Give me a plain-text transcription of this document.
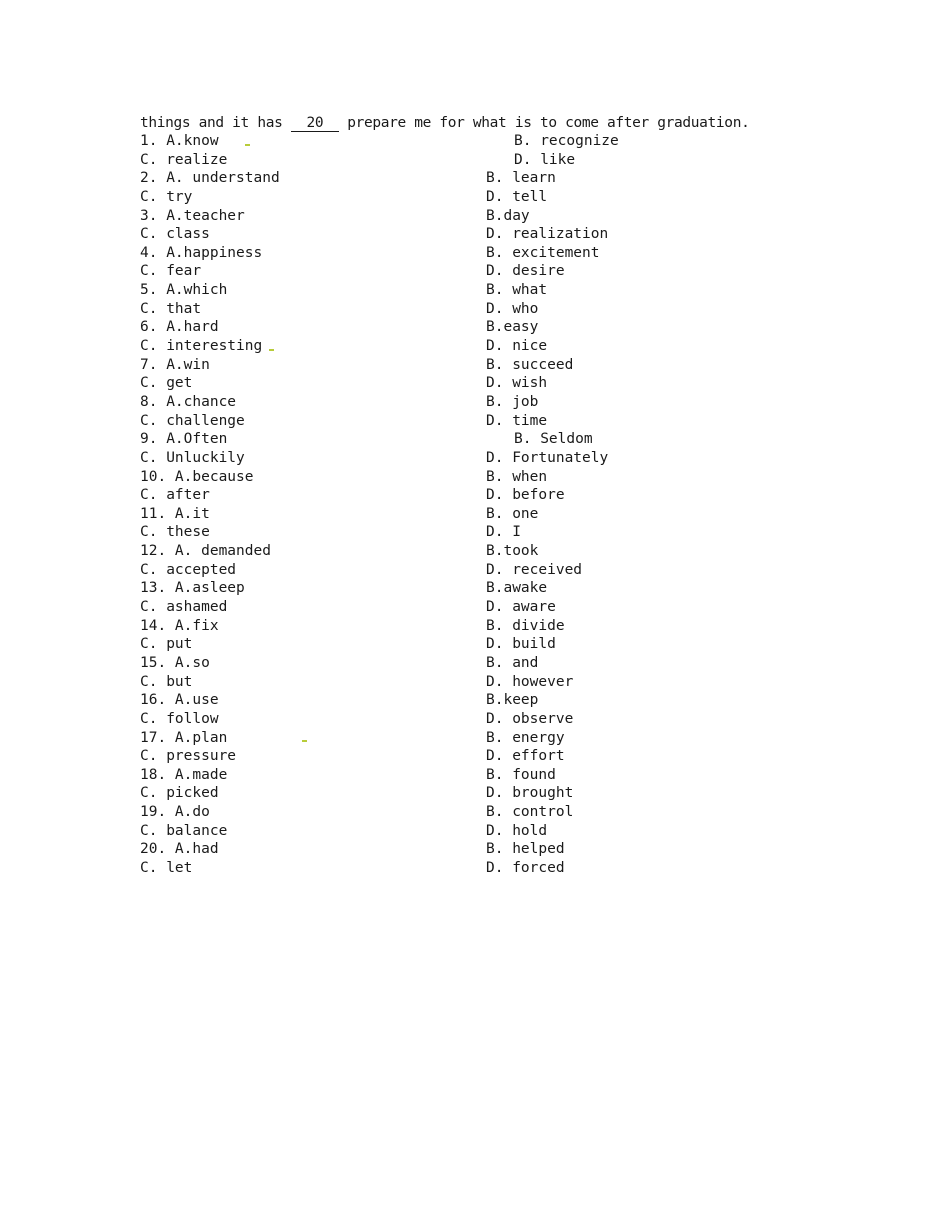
things and it has 20 prepare me for what is to come after graduation.
1. A.know	B. recognize
C. realize	D. like
2. A. understand	B. learn
C. try	D. tell
3. A.teacher	B.day
C. class	D. realization
4. A.happiness	B. excitement
C. fear	D. desire
5. A.which	B. what
C. that	D. who
6. A.hard	B.easy
C. interesting	D. nice
7. A.win	B. succeed
C. get	D. wish
8. A.chance	B. job
C. challenge	D. time
9. A.Often	B. Seldom
C. Unluckily	D. Fortunately
10. A.because	B. when
C. after	D. before
11. A.it	B. one
C. these	D. I
12. A. demanded	B.took
C. accepted	D. received
13. A.asleep	B.awake
C. ashamed	D. aware
14. A.fix	B. divide
C. put	D. build
15. A.so	B. and
C. but	D. however
16. A.use	B.keep
C. follow	D. observe
17. A.plan	B. energy
C. pressure	D. effort
18. A.made	B. found
C. picked	D. brought
19. A.do	B. control
C. balance	D. hold
20. A.had	B. helped
C. let	D. forced
